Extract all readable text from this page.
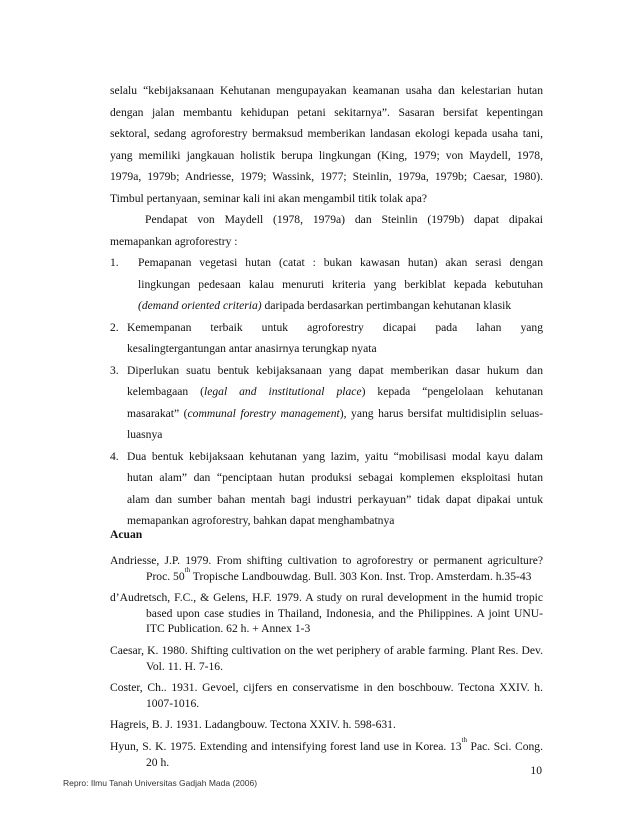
selalu “kebijaksanaan Kehutanan mengupayakan keamanan usaha dan kelestarian hutan
dengan jalan membantu kehidupan petani sekitarnya”. Sasaran bersifat kepentingan
sektoral, sedang agroforestry bermaksud memberikan landasan ekologi kepada usaha tani,
yang memiliki jangkauan holistik berupa lingkungan (King, 1979; von Maydell, 1978,
1979a, 1979b; Andriesse, 1979; Wassink, 1977; Steinlin, 1979a, 1979b; Caesar, 1980).
Timbul pertanyaan, seminar kali ini akan mengambil titik tolak apa?
Pendapat von Maydell (1978, 1979a) dan Steinlin (1979b) dapat dipakai
memapankan agroforestry :
1. Pemapanan vegetasi hutan (catat : bukan kawasan hutan) akan serasi dengan
lingkungan pedesaan kalau menuruti kriteria yang berkiblat kepada kebutuhan
(demand oriented criteria) daripada berdasarkan pertimbangan kehutanan klasik
2. Kemempanan terbaik untuk agroforestry dicapai pada lahan yang
kesalingtergantungan antar anasirnya terungkap nyata
3. Diperlukan suatu bentuk kebijaksanaan yang dapat memberikan dasar hukum dan
kelembagaan (legal and institutional place) kepada “pengelolaan kehutanan
masarakat” (communal forestry management), yang harus bersifat multidisiplin seluas-
luasnya
4. Dua bentuk kebijaksaan kehutanan yang lazim, yaitu “mobilisasi modal kayu dalam
hutan alam” dan “penciptaan hutan produksi sebagai komplemen eksploitasi hutan
alam dan sumber bahan mentah bagi industri perkayuan” tidak dapat dipakai untuk
memapankan agroforestry, bahkan dapat menghambatnya
Acuan
Andriesse, J.P. 1979. From shifting cultivation to agroforestry or permanent agriculture? Proc. 50th Tropische Landbouwdag. Bull. 303 Kon. Inst. Trop. Amsterdam. h.35-43
d’Audretsch, F.C., & Gelens, H.F. 1979. A study on rural development in the humid tropic based upon case studies in Thailand, Indonesia, and the Philippines. A joint UNU-ITC Publication. 62 h. + Annex 1-3
Caesar, K. 1980. Shifting cultivation on the wet periphery of arable farming. Plant Res. Dev. Vol. 11. H. 7-16.
Coster, Ch.. 1931. Gevoel, cijfers en conservatisme in den boschbouw. Tectona XXIV. h. 1007-1016.
Hagreis, B. J. 1931. Ladangbouw. Tectona XXIV. h. 598-631.
Hyun, S. K. 1975. Extending and intensifying forest land use in Korea. 13th Pac. Sci. Cong. 20 h.
10
Repro: Ilmu Tanah Universitas Gadjah Mada (2006)
